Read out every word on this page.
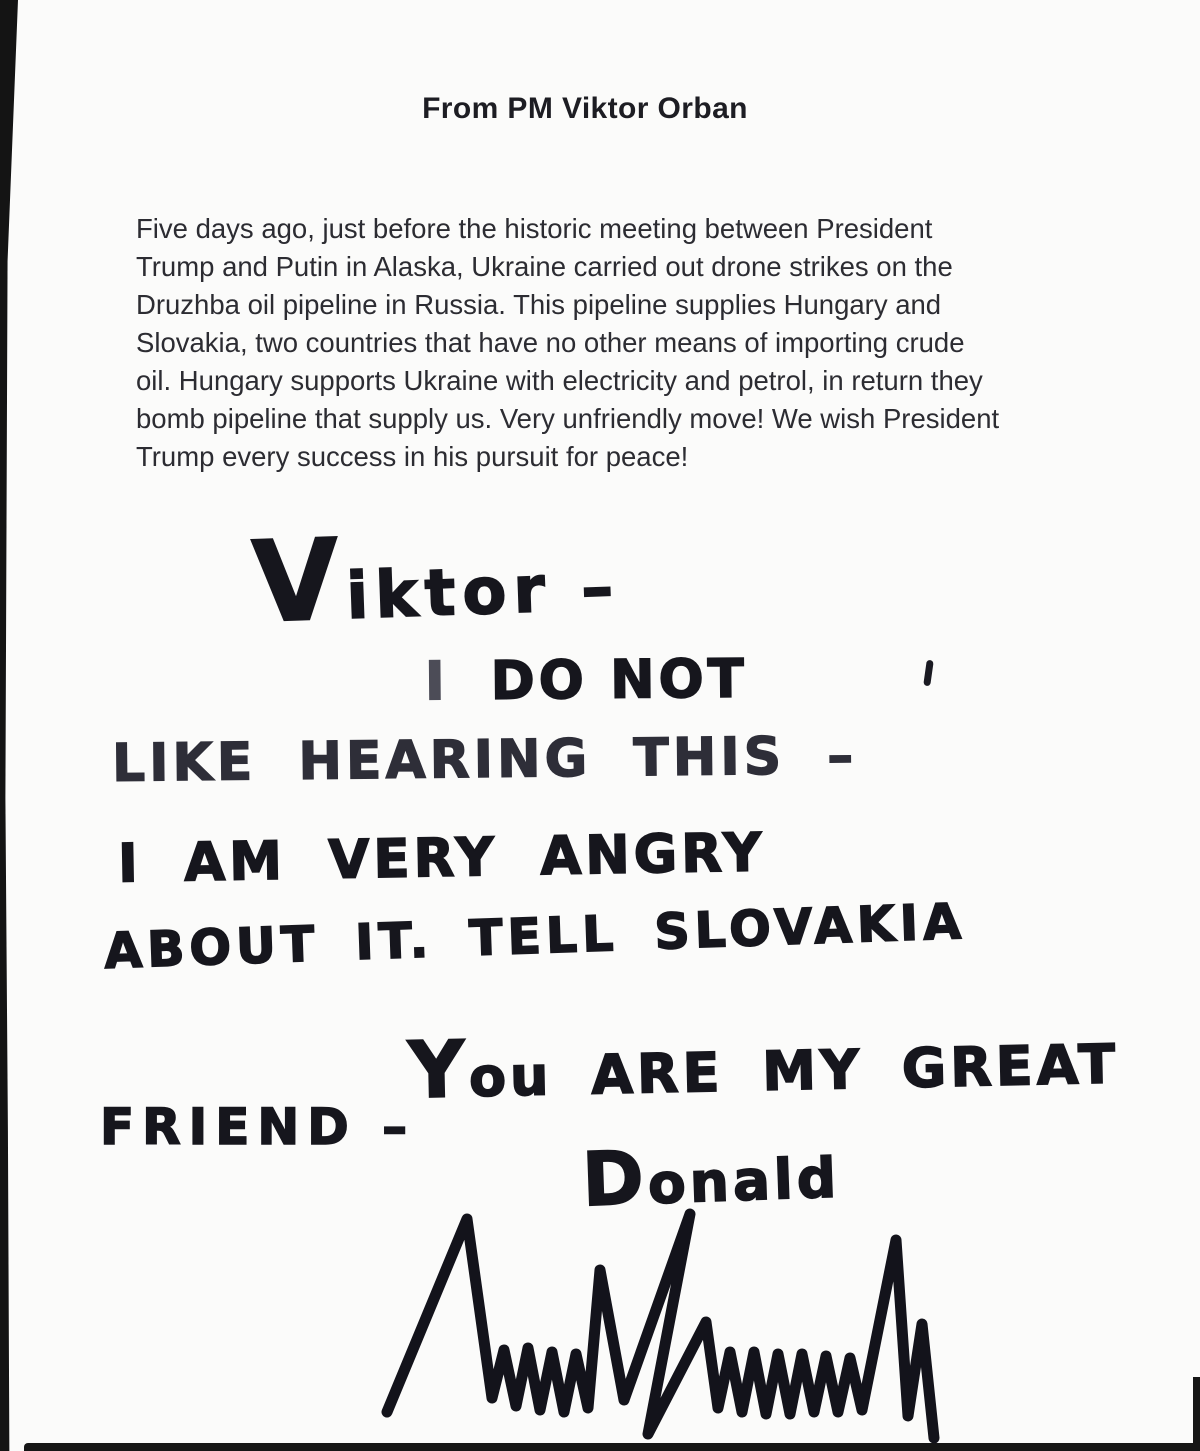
From PM Viktor Orban
Five days ago, just before the historic meeting between President
Trump and Putin in Alaska, Ukraine carried out drone strikes on the
Druzhba oil pipeline in Russia. This pipeline supplies Hungary and
Slovakia, two countries that have no other means of importing crude
oil. Hungary supports Ukraine with electricity and petrol, in return they
bomb pipeline that supply us. Very unfriendly move! We wish President
Trump every success in his pursuit for peace!
Viktor –
I DO NOT
LIKE HEARING THIS –
I AM VERY ANGRY
ABOUT IT. TELL SLOVAKIA
You ARE MY GREAT
FRIEND –
Donald
